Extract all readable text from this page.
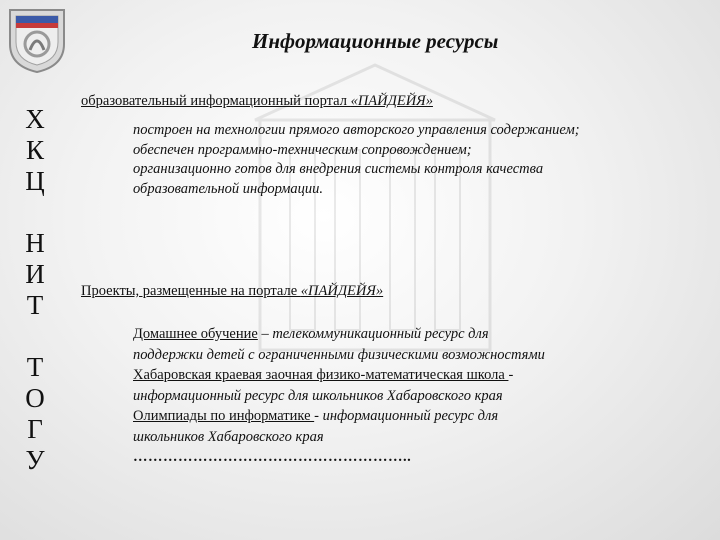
Информационные ресурсы
Х
К
Ц
Н
И
Т
Т
О
Г
У
образовательный информационный портал «ПАЙДЕЙЯ»
построен на технологии прямого авторского управления содержанием;
обеспечен программно-техническим сопровождением;
организационно готов для внедрения системы контроля качества
образовательной информации.
Проекты, размещенные на портале «ПАЙДЕЙЯ»
Домашнее обучение – телекоммуникационный ресурс для
поддержки детей с ограниченными физическими возможностями
Хабаровская краевая заочная физико-математическая школа -
информационный ресурс для школьников Хабаровского края
Олимпиады по информатике - информационный ресурс для
школьников Хабаровского края
………………………………………………..
